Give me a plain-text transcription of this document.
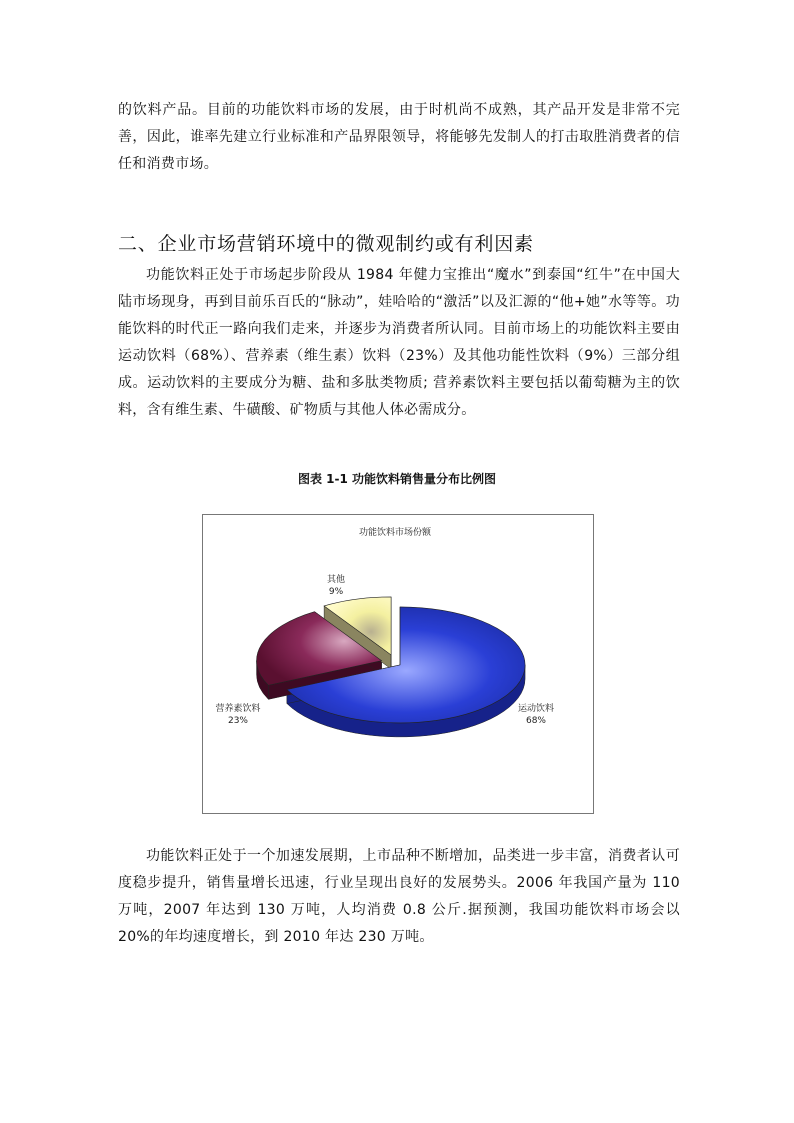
的饮料产品。目前的功能饮料市场的发展，由于时机尚不成熟，其产品开发是非常不完善，因此，谁率先建立行业标准和产品界限领导，将能够先发制人的打击取胜消费者的信任和消费市场。

二、企业市场营销环境中的微观制约或有利因素

功能饮料正处于市场起步阶段从 1984 年健力宝推出“魔水”到泰国“红牛”在中国大陆市场现身，再到目前乐百氏的“脉动”，娃哈哈的“激活”以及汇源的“他+她”水等等。功能饮料的时代正一路向我们走来，并逐步为消费者所认同。目前市场上的功能饮料主要由运动饮料（68%）、营养素（维生素）饮料（23%）及其他功能性饮料（9%）三部分组成。运动饮料的主要成分为糖、盐和多肽类物质; 营养素饮料主要包括以葡萄糖为主的饮料，含有维生素、牛磺酸、矿物质与其他人体必需成分。

图表 1-1 功能饮料销售量分布比例图

功能饮料市场份额
运动饮料
68%
营养素饮料
23%
其他
9%

功能饮料正处于一个加速发展期，上市品种不断增加，品类进一步丰富，消费者认可度稳步提升，销售量增长迅速，行业呈现出良好的发展势头。2006 年我国产量为 110 万吨，2007 年达到 130 万吨，人均消费 0.8 公斤.据预测，我国功能饮料市场会以 20%的年均速度增长，到 2010 年达 230 万吨。
